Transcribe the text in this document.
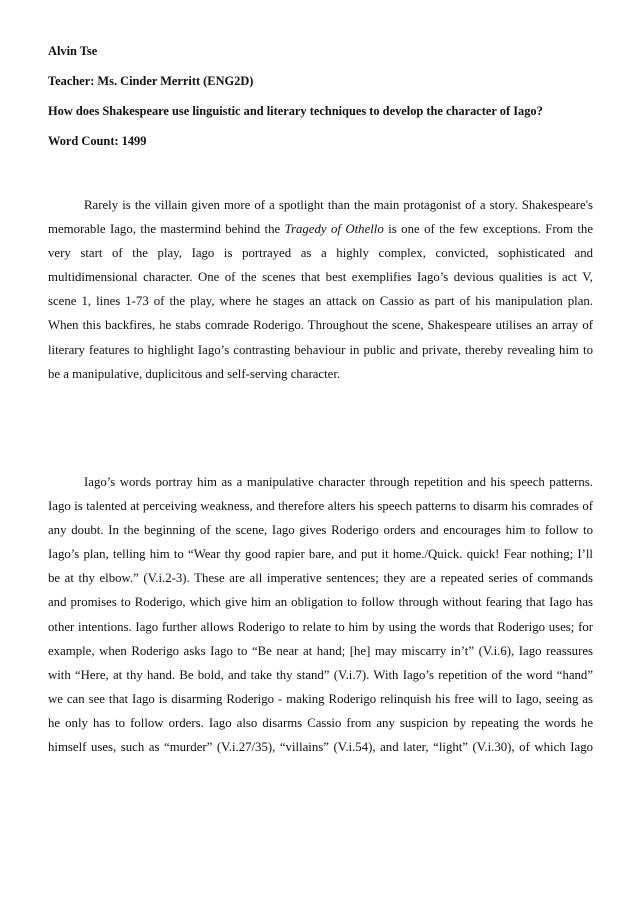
Alvin Tse
Teacher: Ms. Cinder Merritt (ENG2D)
How does Shakespeare use linguistic and literary techniques to develop the character of Iago?
Word Count: 1499
Rarely is the villain given more of a spotlight than the main protagonist of a story. Shakespeare's
memorable Iago, the mastermind behind the Tragedy of Othello is one of the few exceptions. From the
very start of the play, Iago is portrayed as a highly complex, convicted, sophisticated and
multidimensional character. One of the scenes that best exemplifies Iago’s devious qualities is act V,
scene 1, lines 1-73 of the play, where he stages an attack on Cassio as part of his manipulation plan.
When this backfires, he stabs comrade Roderigo. Throughout the scene, Shakespeare utilises an array of
literary features to highlight Iago’s contrasting behaviour in public and private, thereby revealing him to
be a manipulative, duplicitous and self-serving character.
Iago’s words portray him as a manipulative character through repetition and his speech patterns.
Iago is talented at perceiving weakness, and therefore alters his speech patterns to disarm his comrades of
any doubt. In the beginning of the scene, Iago gives Roderigo orders and encourages him to follow to
Iago’s plan, telling him to “Wear thy good rapier bare, and put it home./Quick. quick! Fear nothing; I’ll
be at thy elbow.” (V.i.2-3). These are all imperative sentences; they are a repeated series of commands
and promises to Roderigo, which give him an obligation to follow through without fearing that Iago has
other intentions. Iago further allows Roderigo to relate to him by using the words that Roderigo uses; for
example, when Roderigo asks Iago to “Be near at hand; [he] may miscarry in’t” (V.i.6), Iago reassures
with “Here, at thy hand. Be bold, and take thy stand” (V.i.7). With Iago’s repetition of the word “hand”
we can see that Iago is disarming Roderigo - making Roderigo relinquish his free will to Iago, seeing as
he only has to follow orders. Iago also disarms Cassio from any suspicion by repeating the words he
himself uses, such as “murder” (V.i.27/35), “villains” (V.i.54), and later, “light” (V.i.30), of which Iago
